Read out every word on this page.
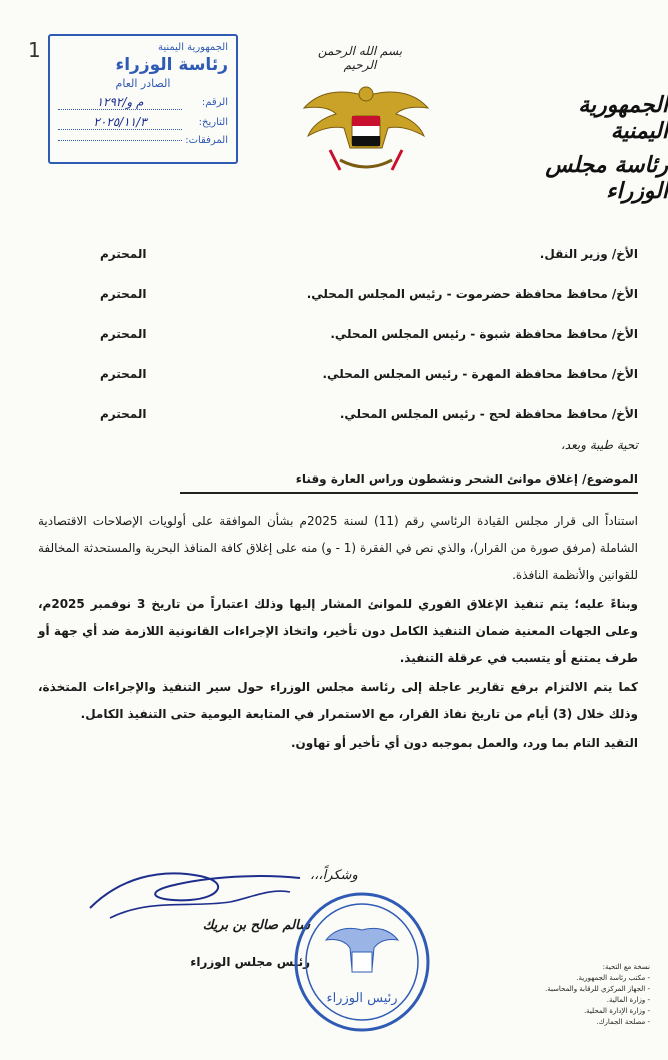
1	الجمهورية اليمنية
رئاسة الوزراء
الصادر العام
الرقم:
م و/١٢٩٢
التاريخ:
٢٠٢٥/١١/٣
المرفقات:
بسم الله الرحمن الرحيم
الجمهورية اليمنية
رئاسة مجلس الوزراء
الأخ/ وزير النقل.
المحترم
الأخ/ محافظ محافظة حضرموت - رئيس المجلس المحلي.
المحترم
الأخ/ محافظ محافظة شبوة - رئيس المجلس المحلي.
المحترم
الأخ/ محافظ محافظة المهرة - رئيس المجلس المحلي.
المحترم
الأخ/ محافظ محافظة لحج - رئيس المجلس المحلي.
المحترم
تحية طيبة وبعد،
الموضوع/ إغلاق موانئ الشحر ونشطون وراس العارة وقناء

استناداً الى قرار مجلس القيادة الرئاسي رقم (11) لسنة 2025م بشأن الموافقة على أولويات الإصلاحات الاقتصادية الشاملة (مرفق صورة من القرار)، والذي نص في الفقرة (1 - و) منه على إغلاق كافة المنافذ البحرية والمستحدثة المخالفة للقوانين والأنظمة النافذة.

وبناءً عليه؛ يتم تنفيذ الإغلاق الفوري للموانئ المشار إليها وذلك اعتباراً من تاريخ 3 نوفمبر 2025م، وعلى الجهات المعنية ضمان التنفيذ الكامل دون تأخير، واتخاذ الإجراءات القانونية اللازمة ضد أي جهة أو طرف يمتنع أو يتسبب في عرقلة التنفيذ.

كما يتم الالتزام برفع تقارير عاجلة إلى رئاسة مجلس الوزراء حول سير التنفيذ والإجراءات المتخذة، وذلك خلال (3) أيام من تاريخ نفاذ القرار، مع الاستمرار في المتابعة اليومية حتى التنفيذ الكامل.

التقيد التام بما ورد، والعمل بموجبه دون أي تأخير أو تهاون.

وشكراً،،،
سالم صالح بن بريك
رئيس مجلس الوزراء
رئيس الوزراء
نسخة مع التحية:
- مكتب رئاسة الجمهورية.
- الجهاز المركزي للرقابة والمحاسبة.
- وزارة المالية.
- وزارة الإدارة المحلية.
- مصلحة الجمارك.
